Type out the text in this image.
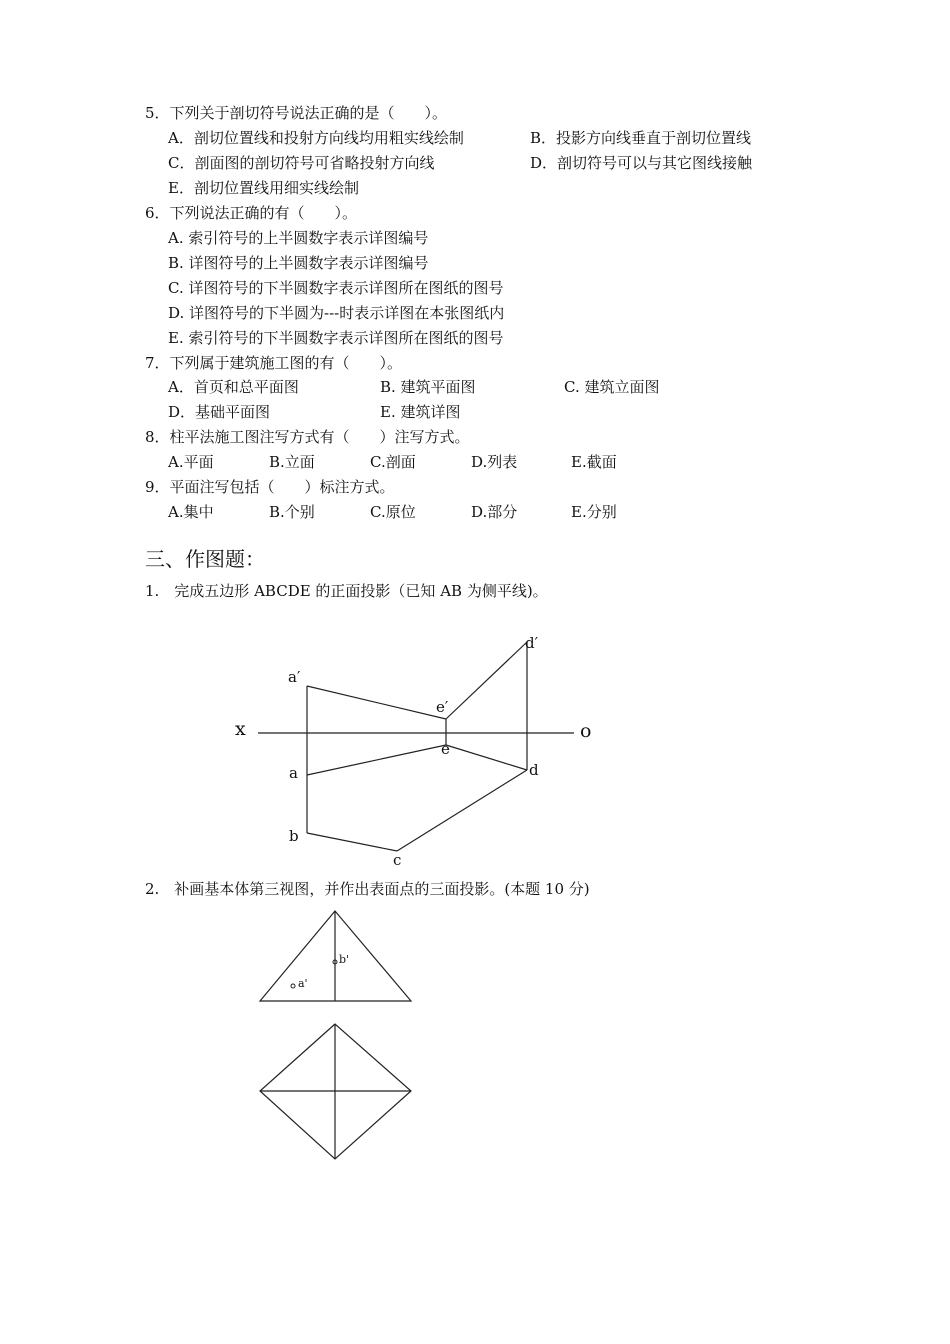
5．下列关于剖切符号说法正确的是（　　）。
A．剖切位置线和投射方向线均用粗实线绘制	B．投影方向线垂直于剖切位置线
C．剖面图的剖切符号可省略投射方向线	D．剖切符号可以与其它图线接触
E．剖切位置线用细实线绘制
6．下列说法正确的有（　　）。
A. 索引符号的上半圆数字表示详图编号
B. 详图符号的上半圆数字表示详图编号
C. 详图符号的下半圆数字表示详图所在图纸的图号
D. 详图符号的下半圆为---时表示详图在本张图纸内
E. 索引符号的下半圆数字表示详图所在图纸的图号
7．下列属于建筑施工图的有（　　）。
A．首页和总平面图	B. 建筑平面图	C. 建筑立面图
D．基础平面图	E. 建筑详图
8．柱平法施工图注写方式有（　　）注写方式。
A.平面	B.立面	C.剖面	D.列表	E.截面
9．平面注写包括（　　）标注方式。
A.集中	B.个别	C.原位	D.部分	E.分别
三、作图题：
1.　完成五边形 ABCDE 的正面投影（已知 AB 为侧平线)。
2.　补画基本体第三视图，并作出表面点的三面投影。(本题 10 分)
a′
d′
e′
x	o
e
a	d
b
c
b'
a'
